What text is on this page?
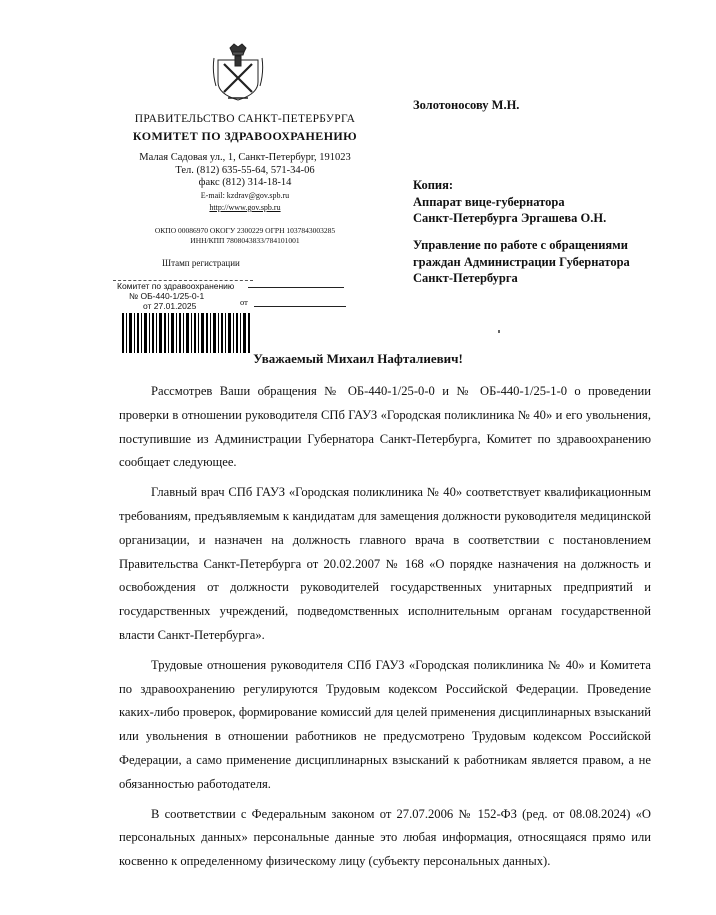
ПРАВИТЕЛЬСТВО САНКТ-ПЕТЕРБУРГА
КОМИТЕТ ПО ЗДРАВООХРАНЕНИЮ
Малая Садовая ул., 1, Санкт-Петербург, 191023
Тел. (812) 635-55-64, 571-34-06
факс (812) 314-18-14
E-mail: kzdrav@gov.spb.ru
http://www.gov.spb.ru
ОКПО 00086970 ОКОГУ 2300229 ОГРН 1037843003285
ИНН/КПП 7808043833/784101001
Штамп регистрации
Комитет по здравоохранению
№ ОБ-440-1/25-0-1
от 27.01.2025	от
Золотоносову М.Н.
Копия:
Аппарат вице-губернатора
Санкт-Петербурга Эргашева О.Н.
Управление по работе с обращениями
граждан Администрации Губернатора
Санкт-Петербурга
Уважаемый Михаил Нафталиевич!

Рассмотрев Ваши обращения № ОБ-440-1/25-0-0 и № ОБ-440-1/25-1-0 о проведении проверки в отношении руководителя СПб ГАУЗ «Городская поликлиника № 40» и его увольнения, поступившие из Администрации Губернатора Санкт-Петербурга, Комитет по здравоохранению сообщает следующее.

Главный врач СПб ГАУЗ «Городская поликлиника № 40» соответствует квалификационным требованиям, предъявляемым к кандидатам для замещения должности руководителя медицинской организации, и назначен на должность главного врача в соответствии с постановлением Правительства Санкт-Петербурга от 20.02.2007 № 168 «О порядке назначения на должность и освобождения от должности руководителей государственных унитарных предприятий и государственных учреждений, подведомственных исполнительным органам государственной власти Санкт-Петербурга».

Трудовые отношения руководителя СПб ГАУЗ «Городская поликлиника № 40» и Комитета по здравоохранению регулируются Трудовым кодексом Российской Федерации. Проведение каких-либо проверок, формирование комиссий для целей применения дисциплинарных взысканий или увольнения в отношении работников не предусмотрено Трудовым кодексом Российской Федерации, а само применение дисциплинарных взысканий к работникам является правом, а не обязанностью работодателя.

В соответствии с Федеральным законом от 27.07.2006 № 152-ФЗ (ред. от 08.08.2024) «О персональных данных» персональные данные это любая информация, относящаяся прямо или косвенно к определенному физическому лицу (субъекту персональных данных).
